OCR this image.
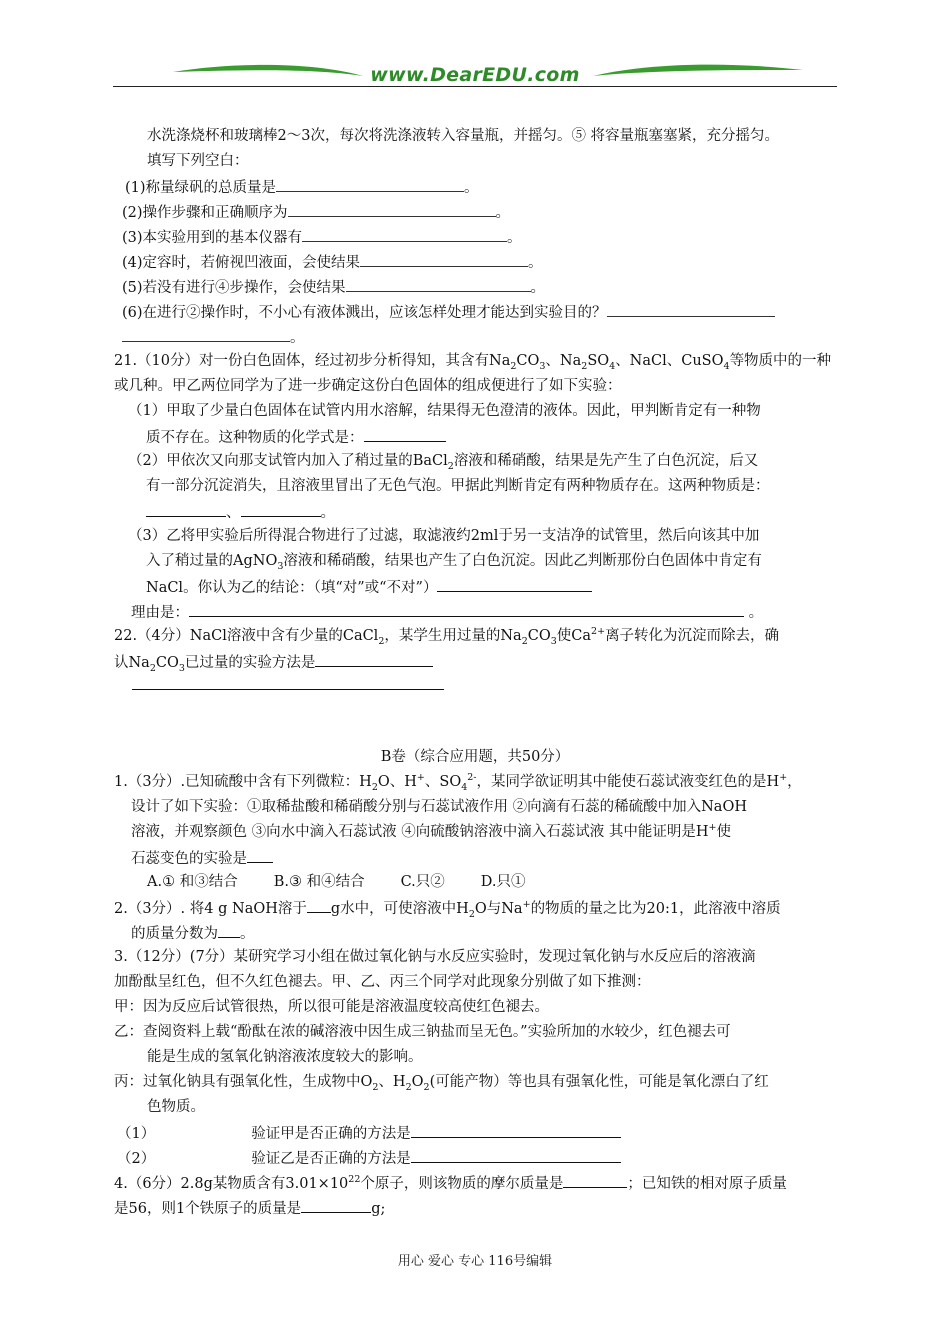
www.DearEDU.com
水洗涤烧杯和玻璃棒2～3次，每次将洗涤液转入容量瓶，并摇匀。⑤ 将容量瓶塞塞紧，充分摇匀。
填写下列空白：
(1)称量绿矾的总质量是	。
(2)操作步骤和正确顺序为	。
(3)本实验用到的基本仪器有	。
(4)定容时，若俯视凹液面，会使结果	。
(5)若没有进行④步操作，会使结果	。
(6)在进行②操作时，不小心有液体溅出，应该怎样处理才能达到实验目的？
。
21.（10分）对一份白色固体，经过初步分析得知，其含有$Na_2CO_3$、$Na_2SO_4$、NaCl、CuSO$_4$等物质中的一种
或几种。甲乙两位同学为了进一步确定这份白色固体的组成便进行了如下实验：
（1）甲取了少量白色固体在试管内用水溶解，结果得无色澄清的液体。因此，甲判断肯定有一种物
质不存在。这种物质的化学式是：
（2）甲依次又向那支试管内加入了稍过量的BaCl$_2$溶液和稀硝酸，结果是先产生了白色沉淀，后又
有一部分沉淀消失，且溶液里冒出了无色气泡。甲据此判断肯定有两种物质存在。这两种物质是：
、	。
（3）乙将甲实验后所得混合物进行了过滤，取滤液约2ml于另一支洁净的试管里，然后向该其中加
入了稍过量的AgNO$_3$溶液和稀硝酸，结果也产生了白色沉淀。因此乙判断那份白色固体中肯定有
NaCl。你认为乙的结论：（填“对”或“不对”）
理由是：	。
22.（4分）NaCl溶液中含有少量的CaCl$_2$，某学生用过量的$Na_2CO_3$使$Ca^{2+}$离子转化为沉淀而除去，确
认$Na_2CO_3$已过量的实验方法是
B卷（综合应用题，共50分）
1.（3分）.已知硫酸中含有下列微粒：$H_2O$、H+、$SO_4^{2-}$，某同学欲证明其中能使石蕊试液变红色的是H+，
设计了如下实验：①取稀盐酸和稀硝酸分别与石蕊试液作用 ②向滴有石蕊的稀硫酸中加入NaOH
溶液，并观察颜色 ③向水中滴入石蕊试液 ④向硫酸钠溶液中滴入石蕊试液 其中能证明是H+使
石蕊变色的实验是
A.① 和③结合 B.③ 和④结合 C.只② D.只①
2.（3分）. 将4 g NaOH溶于 g水中，可使溶液中$H_2O$与Na+的物质的量之比为20:1，此溶液中溶质
的质量分数为 。
3.（12分）(7分）某研究学习小组在做过氧化钠与水反应实验时，发现过氧化钠与水反应后的溶液滴
加酚酞呈红色，但不久红色褪去。甲、乙、丙三个同学对此现象分别做了如下推测：
甲：因为反应后试管很热，所以很可能是溶液温度较高使红色褪去。
乙：查阅资料上载“酚酞在浓的碱溶液中因生成三钠盐而呈无色。”实验所加的水较少，红色褪去可
能是生成的氢氧化钠溶液浓度较大的影响。
丙：过氧化钠具有强氧化性，生成物中$O_2$、$H_2O_2$(可能产物）等也具有强氧化性，可能是氧化漂白了红
色物质。
（1）	验证甲是否正确的方法是
（2）	验证乙是否正确的方法是
4.（6分）2.8g某物质含有$3.01\times 10^{22}$个原子，则该物质的摩尔质量是	；已知铁的相对原子质量
是56，则1个铁原子的质量是	g;
用心 爱心 专心 116号编辑
